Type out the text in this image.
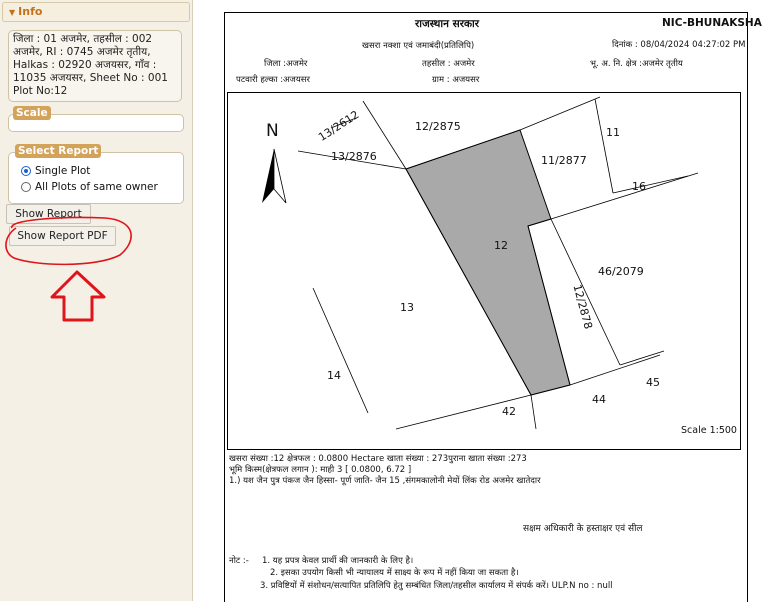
▼ Info
जिला : 01 अजमेर, तहसील : 002
अजमेर, RI : 0745 अजमेर तृतीय,
Halkas : 02920 अजयसर, गाँव :
11035 अजयसर, Sheet No : 001
Plot No:12
Scale
Single Plot
All Plots of same owner
Select Report
Show Report
Show Report PDF
राजस्थान सरकार	NIC-BHUNAKSHA
खसरा नक्शा एवं जमाबंदी(प्रतिलिपि)	दिनांक : 08/04/2024 04:27:02 PM
जिला :अजमेर	तहसील : अजमेर	भू. अ. नि. क्षेत्र :अजमेर तृतीय
पटवारी हल्का :अजयसर	ग्राम : अजयसर
N	13/2612	12/2875	11
13/2876	11/2877
16
12
46/2079
12/2878
13
14
45
42
44
Scale 1:500
खसरा संख्या :12 क्षेत्रफल : 0.0800 Hectare खाता संख्या : 273पुराना खाता संख्या :273
भूमि किस्म(क्षेत्रफल लगान ): माही 3 [ 0.0800, 6.72 ]
1.) यश जैन पुत्र पंकज जैन हिस्सा- पूर्ण जाति- जैन 15 ,संगमकालोनी मेयों लिंक रोड अजमेर खातेदार
सक्षम अधिकारी के हस्ताक्षर एवं सील
नोट :- 1. यह प्रपत्र केवल प्रार्थी की जानकारी के लिए है।
2. इसका उपयोग किसी भी न्यायालय में साक्ष्य के रूप में नहीं किया जा सकता है।
3. प्रविष्टियों में संशोधन/सत्यापित प्रतिलिपि हेतु सम्बंधित जिला/तहसील कार्यालय में संपर्क करें। ULP.N no : null
